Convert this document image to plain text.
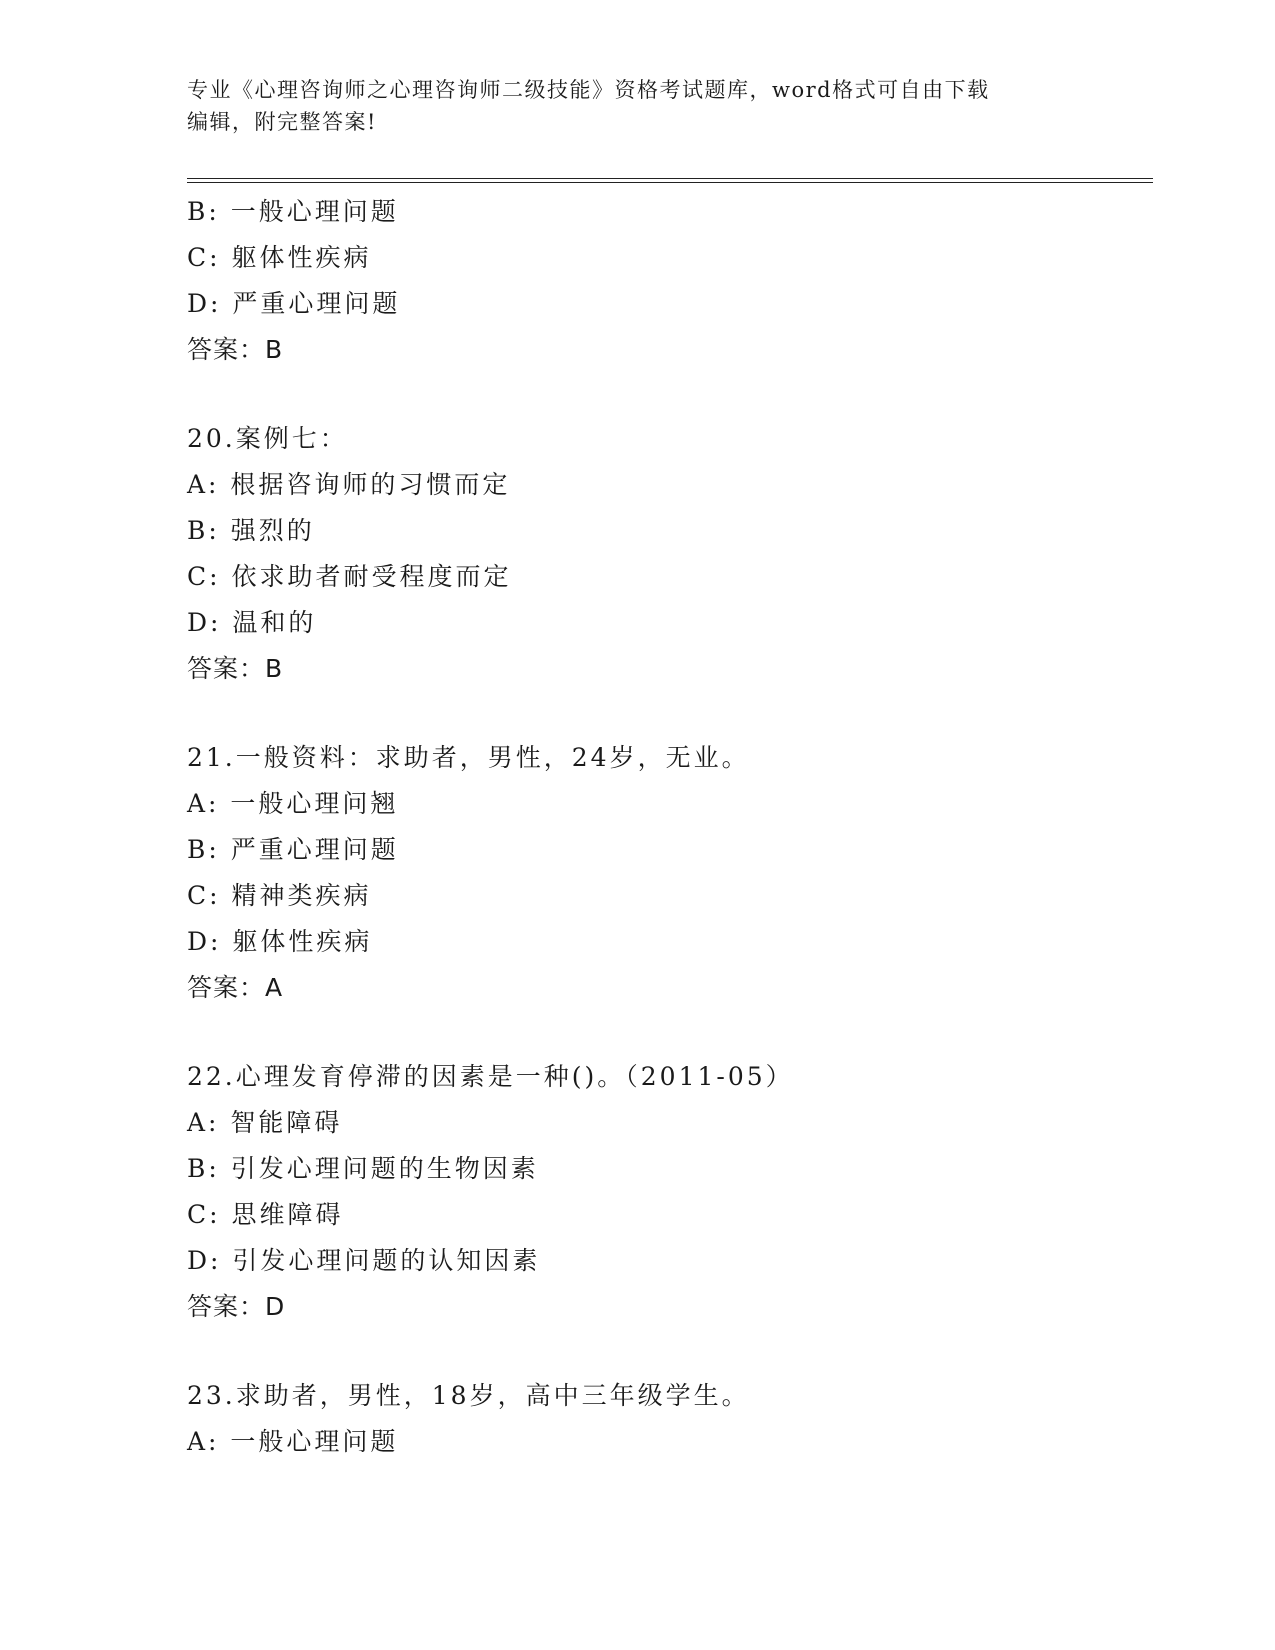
专业《心理咨询师之心理咨询师二级技能》资格考试题库，word格式可自由下载
编辑，附完整答案!
B: 一般心理问题
C: 躯体性疾病
D: 严重心理问题
答案：B
20.案例七：
A: 根据咨询师的习惯而定
B: 强烈的
C: 依求助者耐受程度而定
D: 温和的
答案：B
21.一般资料：求助者，男性，24岁，无业。
A: 一般心理问翘
B: 严重心理问题
C: 精神类疾病
D: 躯体性疾病
答案：A
22.心理发育停滞的因素是一种()。（2011-05）
A: 智能障碍
B: 引发心理问题的生物因素
C: 思维障碍
D: 引发心理问题的认知因素
答案：D
23.求助者，男性，18岁，高中三年级学生。
A: 一般心理问题
